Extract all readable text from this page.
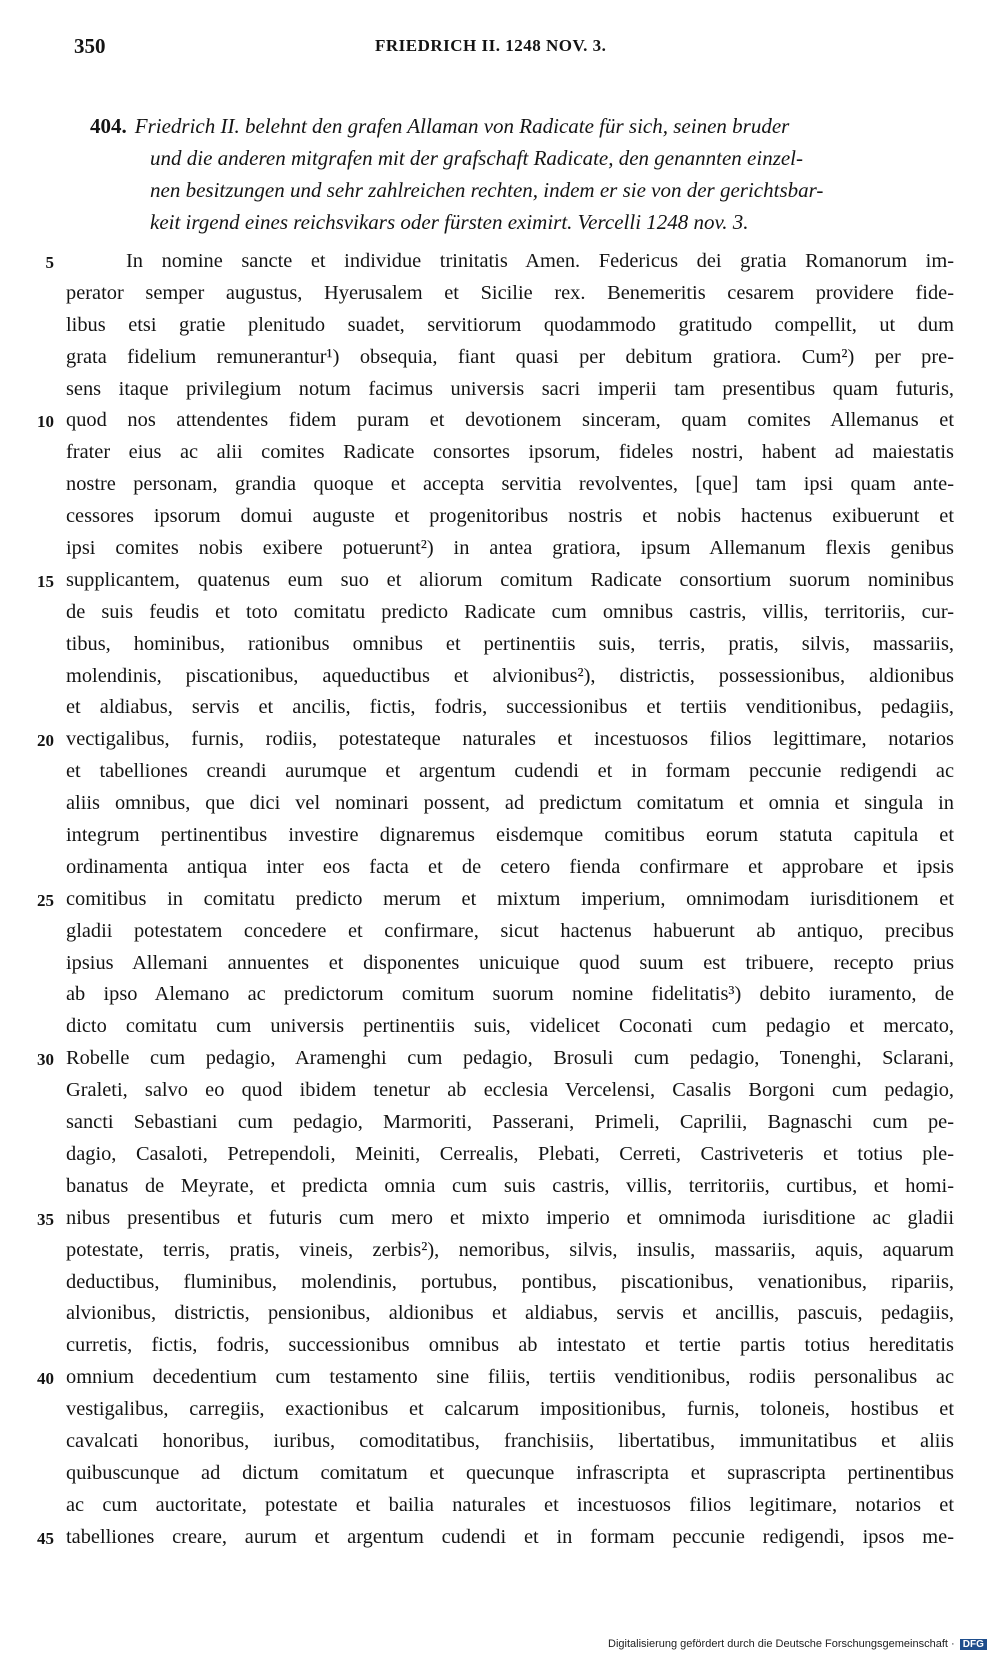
350	FRIEDRICH II. 1248 NOV. 3.
404. Friedrich II. belehnt den grafen Allaman von Radicate für sich, seinen bruder
und die anderen mitgrafen mit der grafschaft Radicate, den genannten einzel-
nen besitzungen und sehr zahlreichen rechten, indem er sie von der gerichtsbar-
keit irgend eines reichsvikars oder fürsten eximirt. Vercelli 1248 nov. 3.
5	In nomine sancte et individue trinitatis Amen. Federicus dei gratia Romanorum im-
perator semper augustus, Hyerusalem et Sicilie rex. Benemeritis cesarem providere fide-
libus etsi gratie plenitudo suadet, servitiorum quodammodo gratitudo compellit, ut dum
grata fidelium remunerantur¹) obsequia, fiant quasi per debitum gratiora. Cum²) per pre-
sens itaque privilegium notum facimus universis sacri imperii tam presentibus quam futuris,
10 quod nos attendentes fidem puram et devotionem sinceram, quam comites Allemanus et
frater eius ac alii comites Radicate consortes ipsorum, fideles nostri, habent ad maiestatis
nostre personam, grandia quoque et accepta servitia revolventes, [que] tam ipsi quam ante-
cessores ipsorum domui auguste et progenitoribus nostris et nobis hactenus exibuerunt et
ipsi comites nobis exibere potuerunt²) in antea gratiora, ipsum Allemanum flexis genibus
15 supplicantem, quatenus eum suo et aliorum comitum Radicate consortium suorum nominibus
de suis feudis et toto comitatu predicto Radicate cum omnibus castris, villis, territoriis, cur-
tibus, hominibus, rationibus omnibus et pertinentiis suis, terris, pratis, silvis, massariis,
molendinis, piscationibus, aqueductibus et alvionibus²), districtis, possessionibus, aldionibus
et aldiabus, servis et ancilis, fictis, fodris, successionibus et tertiis venditionibus, pedagiis,
20 vectigalibus, furnis, rodiis, potestateque naturales et incestuosos filios legittimare, notarios
et tabelliones creandi aurumque et argentum cudendi et in formam peccunie redigendi ac
aliis omnibus, que dici vel nominari possent, ad predictum comitatum et omnia et singula in
integrum pertinentibus investire dignaremus eisdemque comitibus eorum statuta capitula et
ordinamenta antiqua inter eos facta et de cetero fienda confirmare et approbare et ipsis
25 comitibus in comitatu predicto merum et mixtum imperium, omnimodam iurisditionem et
gladii potestatem concedere et confirmare, sicut hactenus habuerunt ab antiquo, precibus
ipsius Allemani annuentes et disponentes unicuique quod suum est tribuere, recepto prius
ab ipso Alemano ac predictorum comitum suorum nomine fidelitatis³) debito iuramento, de
dicto comitatu cum universis pertinentiis suis, videlicet Coconati cum pedagio et mercato,
30 Robelle cum pedagio, Aramenghi cum pedagio, Brosuli cum pedagio, Tonenghi, Sclarani,
Graleti, salvo eo quod ibidem tenetur ab ecclesia Vercelensi, Casalis Borgoni cum pedagio,
sancti Sebastiani cum pedagio, Marmoriti, Passerani, Primeli, Caprilii, Bagnaschi cum pe-
dagio, Casaloti, Petrependoli, Meiniti, Cerrealis, Plebati, Cerreti, Castriveteris et totius ple-
banatus de Meyrate, et predicta omnia cum suis castris, villis, territoriis, curtibus, et homi-
35 nibus presentibus et futuris cum mero et mixto imperio et omnimoda iurisditione ac gladii
potestate, terris, pratis, vineis, zerbis²), nemoribus, silvis, insulis, massariis, aquis, aquarum
deductibus, fluminibus, molendinis, portubus, pontibus, piscationibus, venationibus, ripariis,
alvionibus, districtis, pensionibus, aldionibus et aldiabus, servis et ancillis, pascuis, pedagiis,
curretis, fictis, fodris, successionibus omnibus ab intestato et tertie partis totius hereditatis
40 omnium decedentium cum testamento sine filiis, tertiis venditionibus, rodiis personalibus ac
vestigalibus, carregiis, exactionibus et calcarum impositionibus, furnis, toloneis, hostibus et
cavalcati honoribus, iuribus, comoditatibus, franchisiis, libertatibus, immunitatibus et aliis
quibuscunque ad dictum comitatum et quecunque infrascripta et suprascripta pertinentibus
ac cum auctoritate, potestate et bailia naturales et incestuosos filios legitimare, notarios et
45 tabelliones creare, aurum et argentum cudendi et in formam peccunie redigendi, ipsos me-
Digitalisierung gefördert durch die Deutsche Forschungsgemeinschaft · DFG
